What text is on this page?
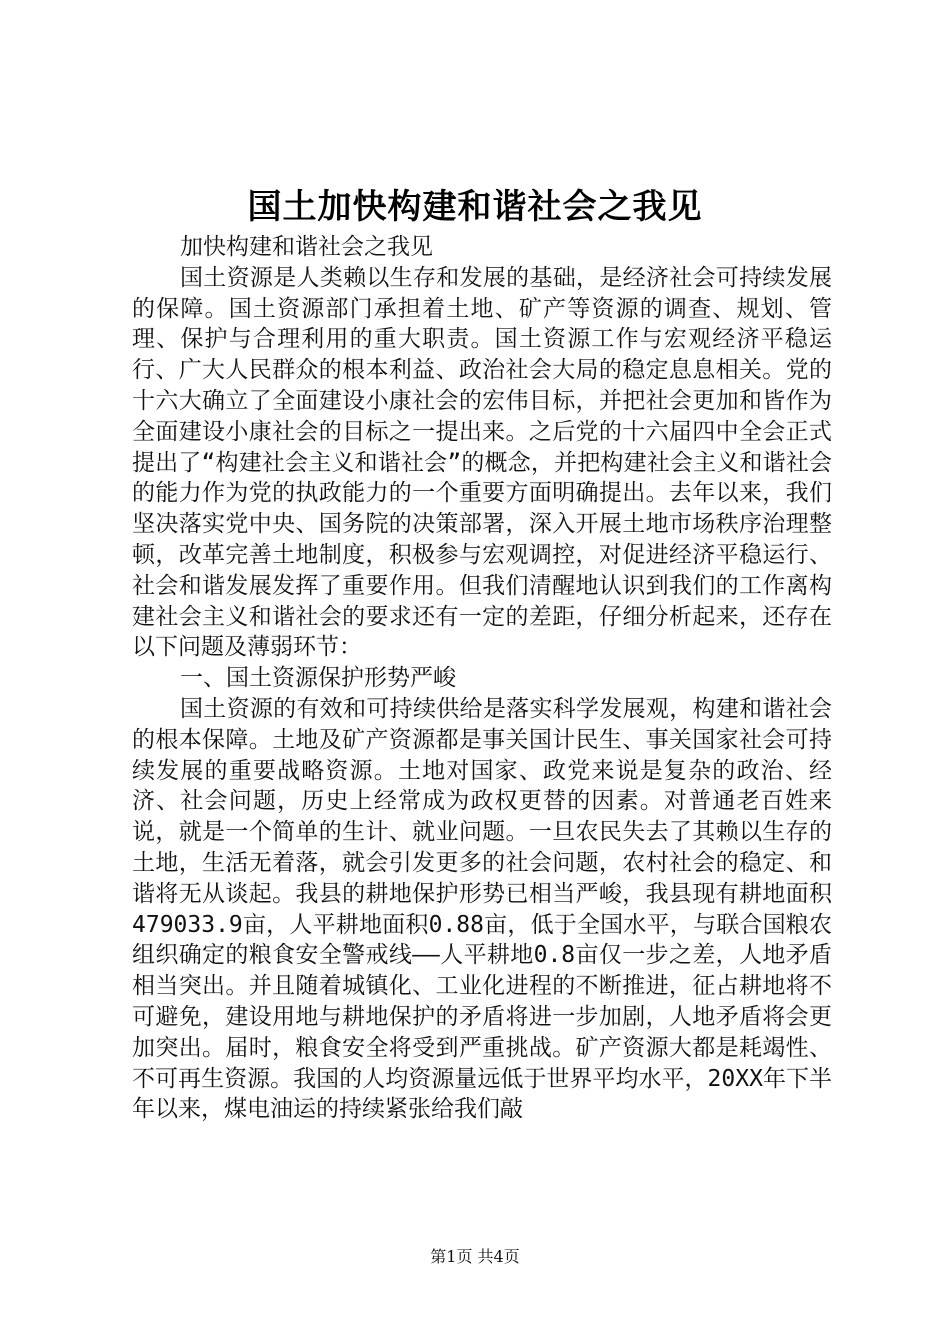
国土加快构建和谐社会之我见

加快构建和谐社会之我见

国土资源是人类赖以生存和发展的基础，是经济社会可持续发展的保障。国土资源部门承担着土地、矿产等资源的调查、规划、管理、保护与合理利用的重大职责。国土资源工作与宏观经济平稳运行、广大人民群众的根本利益、政治社会大局的稳定息息相关。党的十六大确立了全面建设小康社会的宏伟目标，并把社会更加和皆作为全面建设小康社会的目标之一提出来。之后党的十六届四中全会正式提出了“构建社会主义和谐社会”的概念，并把构建社会主义和谐社会的能力作为党的执政能力的一个重要方面明确提出。去年以来，我们坚决落实党中央、国务院的决策部署，深入开展土地市场秩序治理整顿，改革完善土地制度，积极参与宏观调控，对促进经济平稳运行、社会和谐发展发挥了重要作用。但我们清醒地认识到我们的工作离构建社会主义和谐社会的要求还有一定的差距，仔细分析起来，还存在以下问题及薄弱环节：

一、国土资源保护形势严峻

国土资源的有效和可持续供给是落实科学发展观，构建和谐社会的根本保障。土地及矿产资源都是事关国计民生、事关国家社会可持续发展的重要战略资源。土地对国家、政党来说是复杂的政治、经济、社会问题，历史上经常成为政权更替的因素。对普通老百姓来说，就是一个简单的生计、就业问题。一旦农民失去了其赖以生存的土地，生活无着落，就会引发更多的社会问题，农村社会的稳定、和谐将无从谈起。我县的耕地保护形势已相当严峻，我县现有耕地面积479033.9亩，人平耕地面积0.88亩，低于全国水平，与联合国粮农组织确定的粮食安全警戒线——人平耕地0.8亩仅一步之差，人地矛盾相当突出。并且随着城镇化、工业化进程的不断推进，征占耕地将不可避免，建设用地与耕地保护的矛盾将进一步加剧，人地矛盾将会更加突出。届时，粮食安全将受到严重挑战。矿产资源大都是耗竭性、不可再生资源。我国的人均资源量远低于世界平均水平，20XX年下半年以来，煤电油运的持续紧张给我们敲

第1页 共4页
